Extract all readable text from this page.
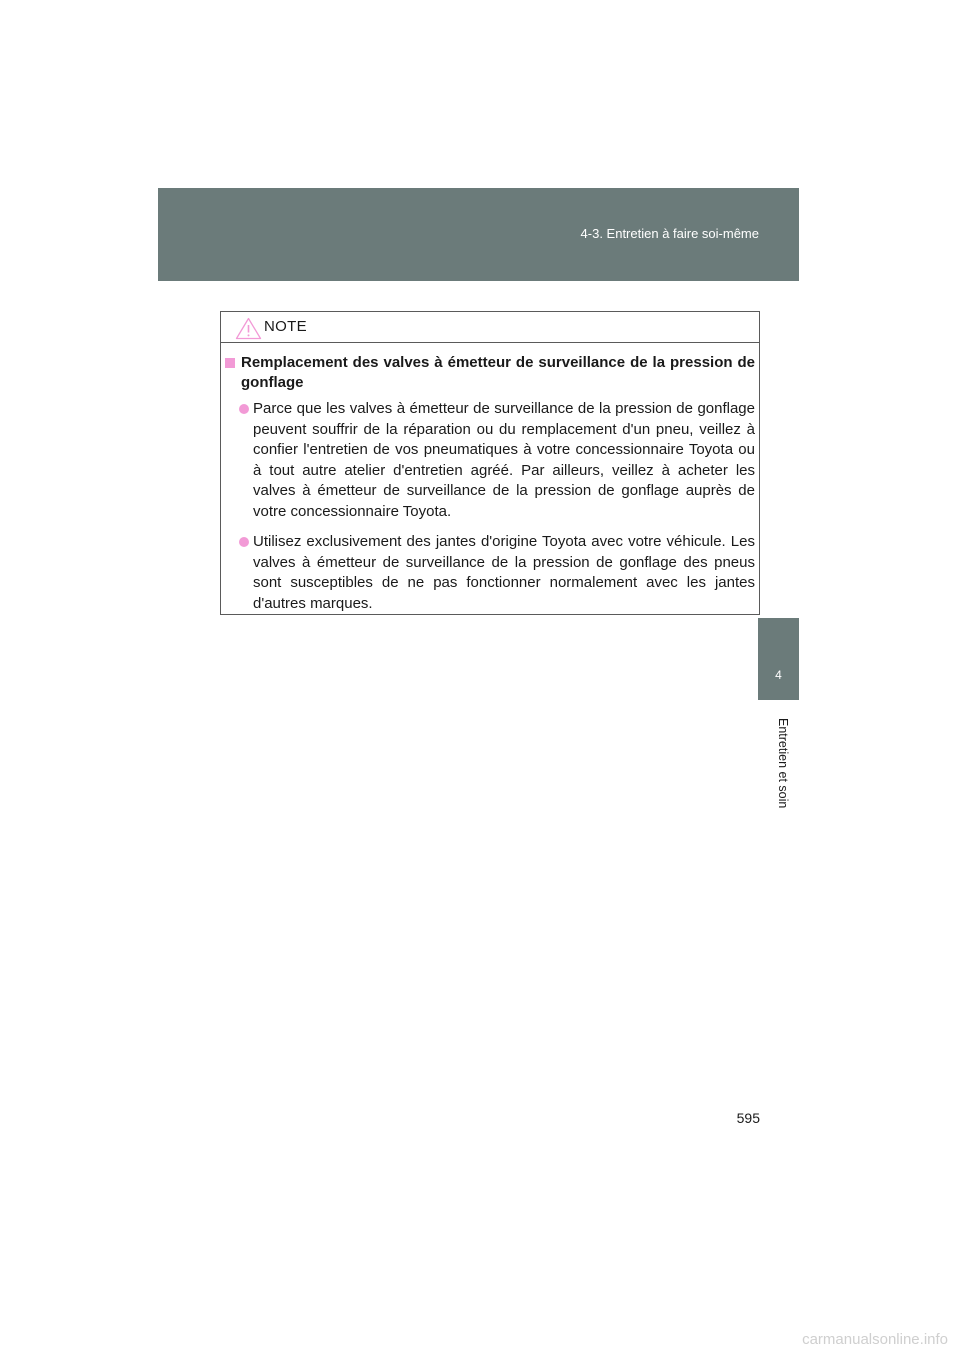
4-3. Entretien à faire soi-même
4
Entretien et soin
NOTE
Remplacement des valves à émetteur de surveillance de la pression de gonflage
Parce que les valves à émetteur de surveillance de la pression de gonflage peuvent souffrir de la réparation ou du remplacement d'un pneu, veillez à confier l'entretien de vos pneumatiques à votre concessionnaire Toyota ou à tout autre atelier d'entretien agréé. Par ailleurs, veillez à acheter les valves à émetteur de surveillance de la pression de gonflage auprès de votre concessionnaire Toyota.
Utilisez exclusivement des jantes d'origine Toyota avec votre véhicule. Les valves à émetteur de surveillance de la pression de gonflage des pneus sont susceptibles de ne pas fonctionner normalement avec les jantes d'autres marques.
595
carmanualsonline.info
